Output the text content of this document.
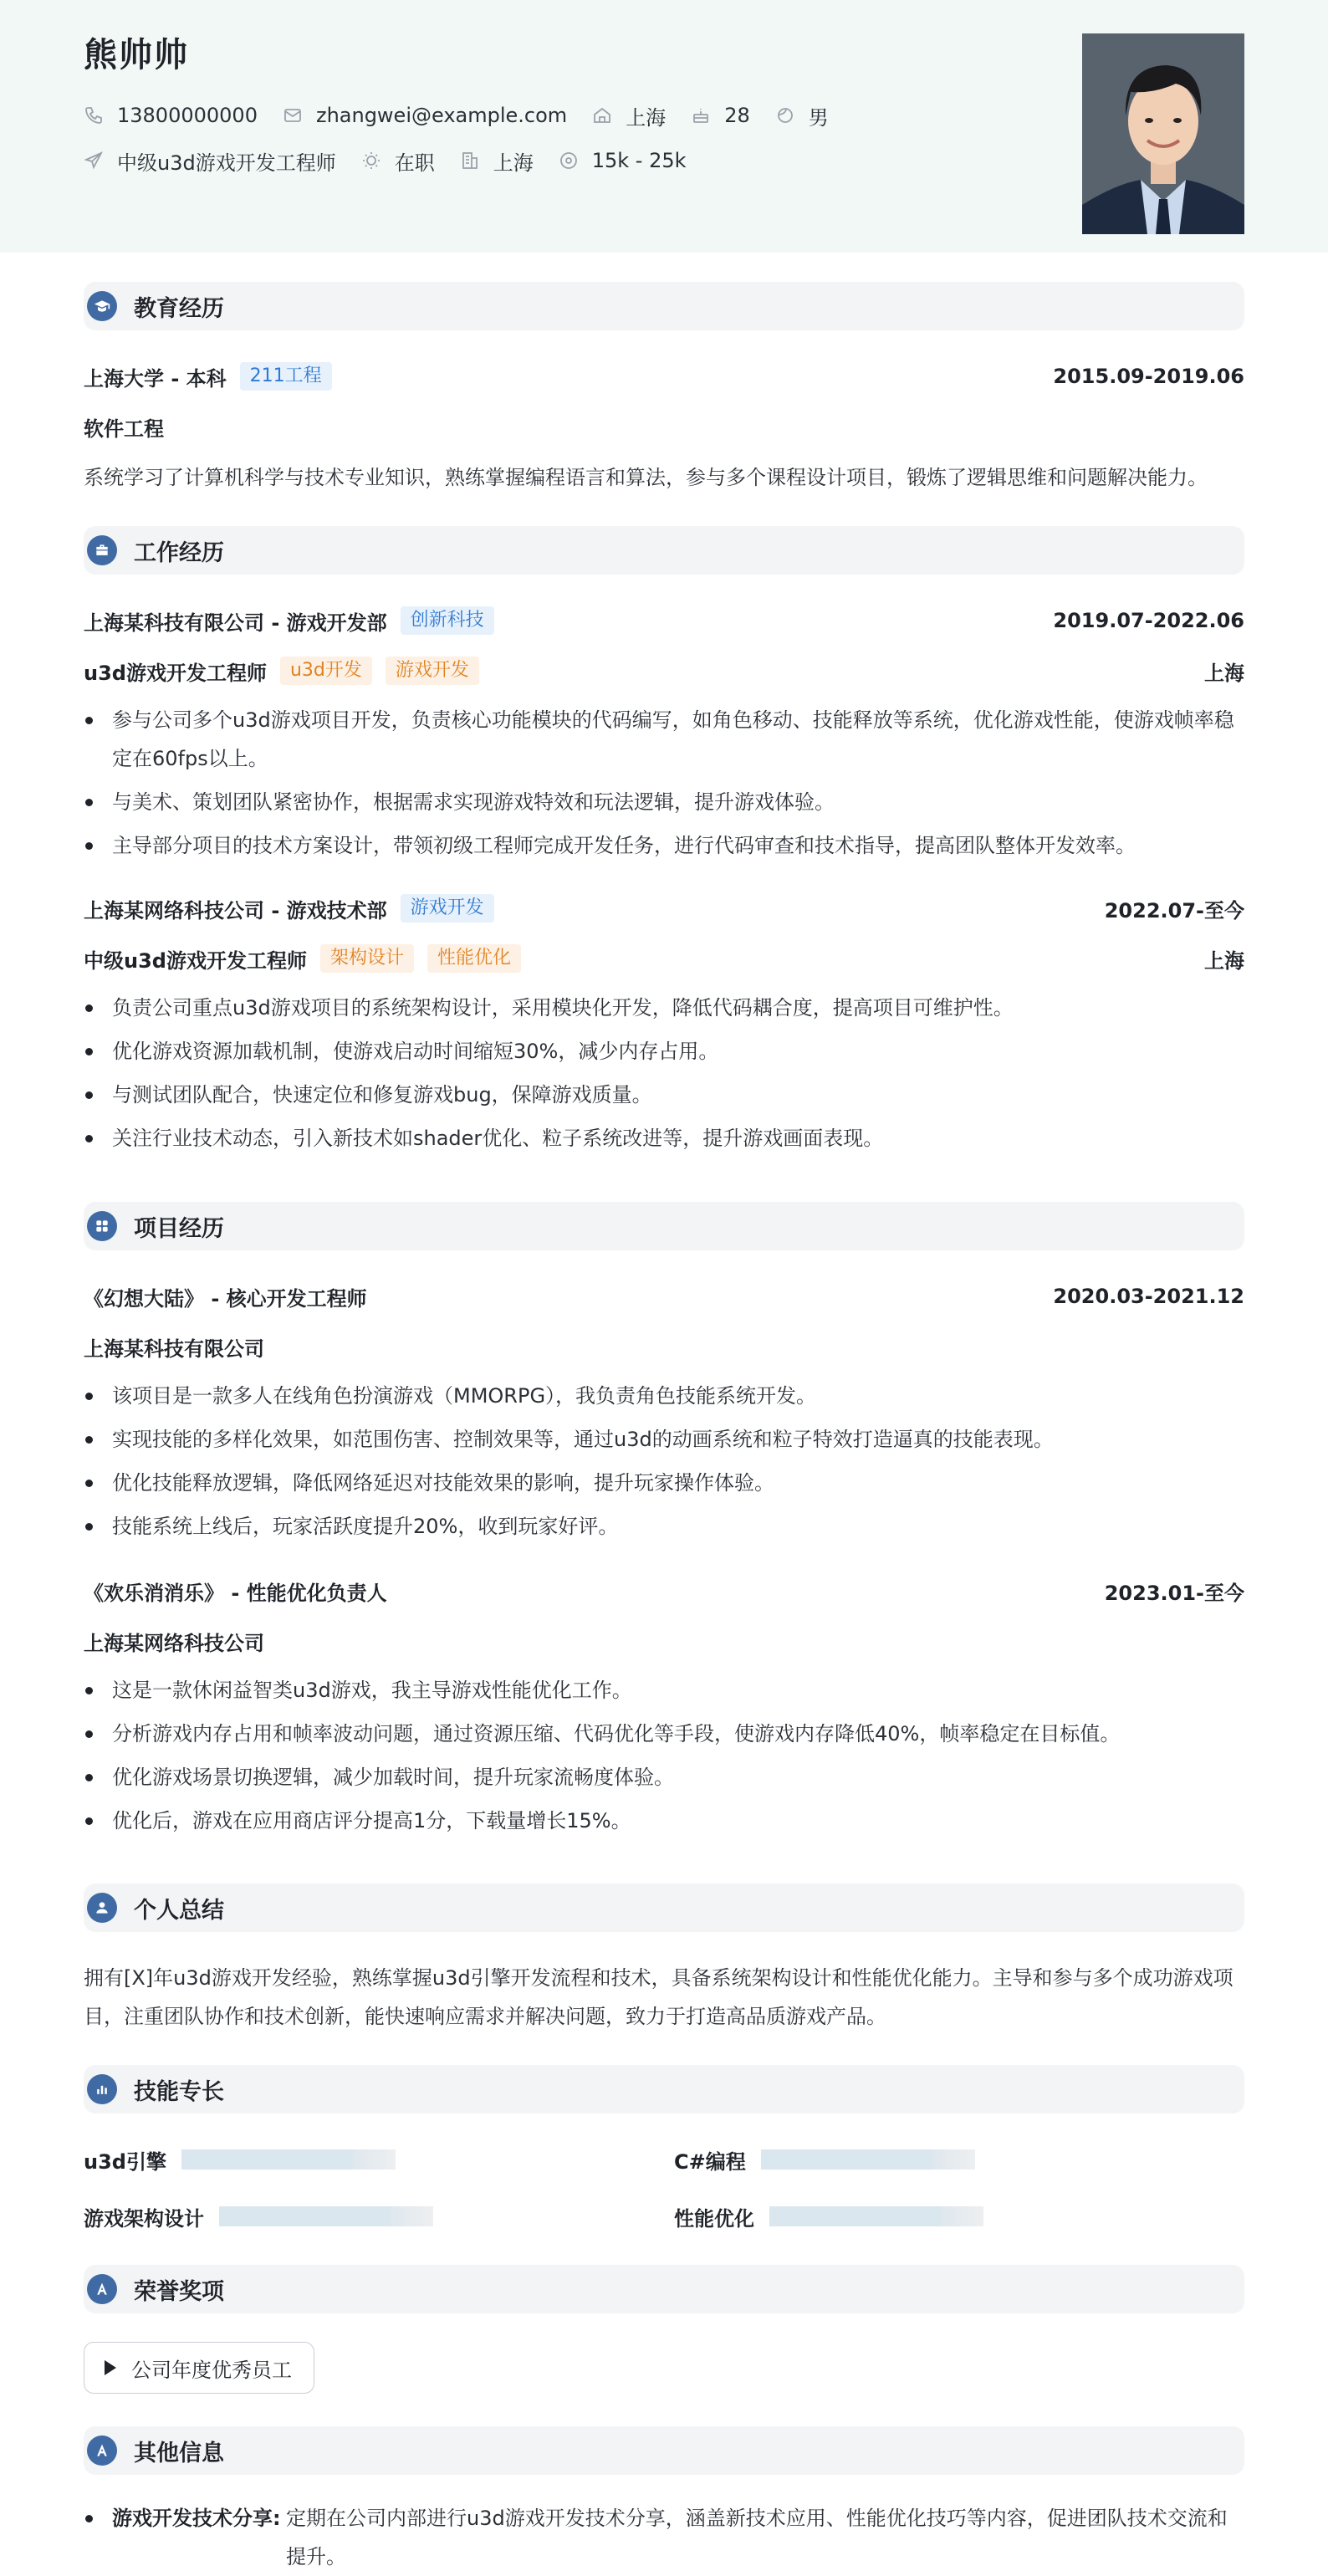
熊帅帅
13800000000	zhangwei@example.com	上海	28	男
中级u3d游戏开发工程师	在职	上海	15k - 25k
教育经历
上海大学 - 本科	211工程	2015.09-2019.06
软件工程
系统学习了计算机科学与技术专业知识，熟练掌握编程语言和算法，参与多个课程设计项目，锻炼了逻辑思维和问题解决能力。
工作经历
上海某科技有限公司 - 游戏开发部	创新科技	2019.07-2022.06
u3d游戏开发工程师	u3d开发	游戏开发	上海
参与公司多个u3d游戏项目开发，负责核心功能模块的代码编写，如角色移动、技能释放等系统，优化游戏性能，使游戏帧率稳定在60fps以上。
与美术、策划团队紧密协作，根据需求实现游戏特效和玩法逻辑，提升游戏体验。
主导部分项目的技术方案设计，带领初级工程师完成开发任务，进行代码审查和技术指导，提高团队整体开发效率。
上海某网络科技公司 - 游戏技术部	游戏开发	2022.07-至今
中级u3d游戏开发工程师	架构设计	性能优化	上海
负责公司重点u3d游戏项目的系统架构设计，采用模块化开发，降低代码耦合度，提高项目可维护性。
优化游戏资源加载机制，使游戏启动时间缩短30%，减少内存占用。
与测试团队配合，快速定位和修复游戏bug，保障游戏质量。
关注行业技术动态，引入新技术如shader优化、粒子系统改进等，提升游戏画面表现。
项目经历
《幻想大陆》 - 核心开发工程师	2020.03-2021.12
上海某科技有限公司
该项目是一款多人在线角色扮演游戏（MMORPG），我负责角色技能系统开发。
实现技能的多样化效果，如范围伤害、控制效果等，通过u3d的动画系统和粒子特效打造逼真的技能表现。
优化技能释放逻辑，降低网络延迟对技能效果的影响，提升玩家操作体验。
技能系统上线后，玩家活跃度提升20%，收到玩家好评。
《欢乐消消乐》 - 性能优化负责人	2023.01-至今
上海某网络科技公司
这是一款休闲益智类u3d游戏，我主导游戏性能优化工作。
分析游戏内存占用和帧率波动问题，通过资源压缩、代码优化等手段，使游戏内存降低40%，帧率稳定在目标值。
优化游戏场景切换逻辑，减少加载时间，提升玩家流畅度体验。
优化后，游戏在应用商店评分提高1分，下载量增长15%。
个人总结
拥有[X]年u3d游戏开发经验，熟练掌握u3d引擎开发流程和技术，具备系统架构设计和性能优化能力。主导和参与多个成功游戏项目，注重团队协作和技术创新，能快速响应需求并解决问题，致力于打造高品质游戏产品。
技能专长
u3d引擎	C#编程
游戏架构设计	性能优化
荣誉奖项
公司年度优秀员工
其他信息
游戏开发技术分享: 定期在公司内部进行u3d游戏开发技术分享，涵盖新技术应用、性能优化技巧等内容，促进团队技术交流和提升。
